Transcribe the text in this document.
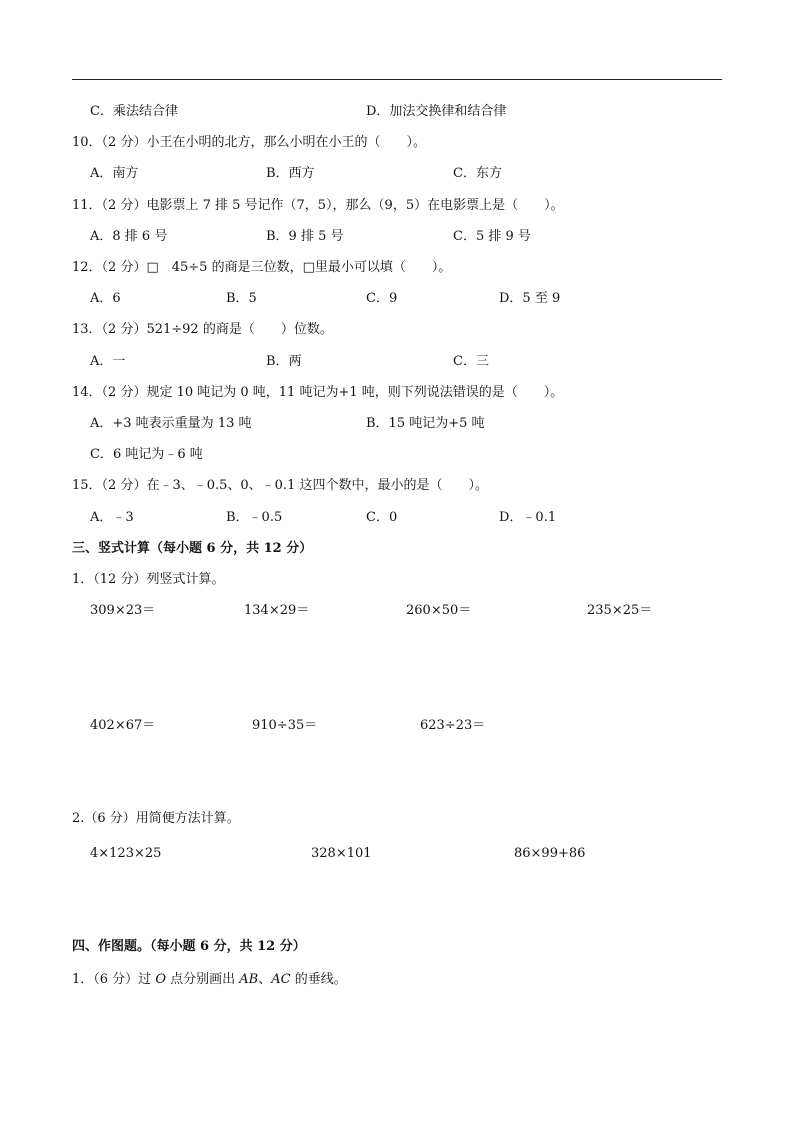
C．乘法结合律	D．加法交换律和结合律
10．（2 分）小王在小明的北方，那么小明在小王的（　　）。
A．南方	B．西方	C．东方
11．（2 分）电影票上 7 排 5 号记作（7，5），那么（9，5）在电影票上是（　　）。
A．8 排 6 号	B．9 排 5 号	C．5 排 9 号
12．（2 分）□　45÷5 的商是三位数，□里最小可以填（　　）。
A．6	B．5	C．9	D．5 至 9
13．（2 分）521÷92 的商是（　　）位数。
A．一	B．两	C．三
14．（2 分）规定 10 吨记为 0 吨，11 吨记为+1 吨，则下列说法错误的是（　　）。
A．+3 吨表示重量为 13 吨	B．15 吨记为+5 吨
C．6 吨记为﹣6 吨
15．（2 分）在﹣3、﹣0.5、0、﹣0.1 这四个数中，最小的是（　　）。
A．﹣3	B．﹣0.5	C．0	D．﹣0.1
三、竖式计算（每小题 6 分，共 12 分）
1．（12 分）列竖式计算。
309×23＝	134×29＝	260×50＝	235×25＝
402×67＝	910÷35＝	623÷23＝
2.（6 分）用简便方法计算。
4×123×25	328×101	86×99+86
四、作图题。（每小题 6 分，共 12 分）
1．（6 分）过 O 点分别画出 AB、AC 的垂线。
